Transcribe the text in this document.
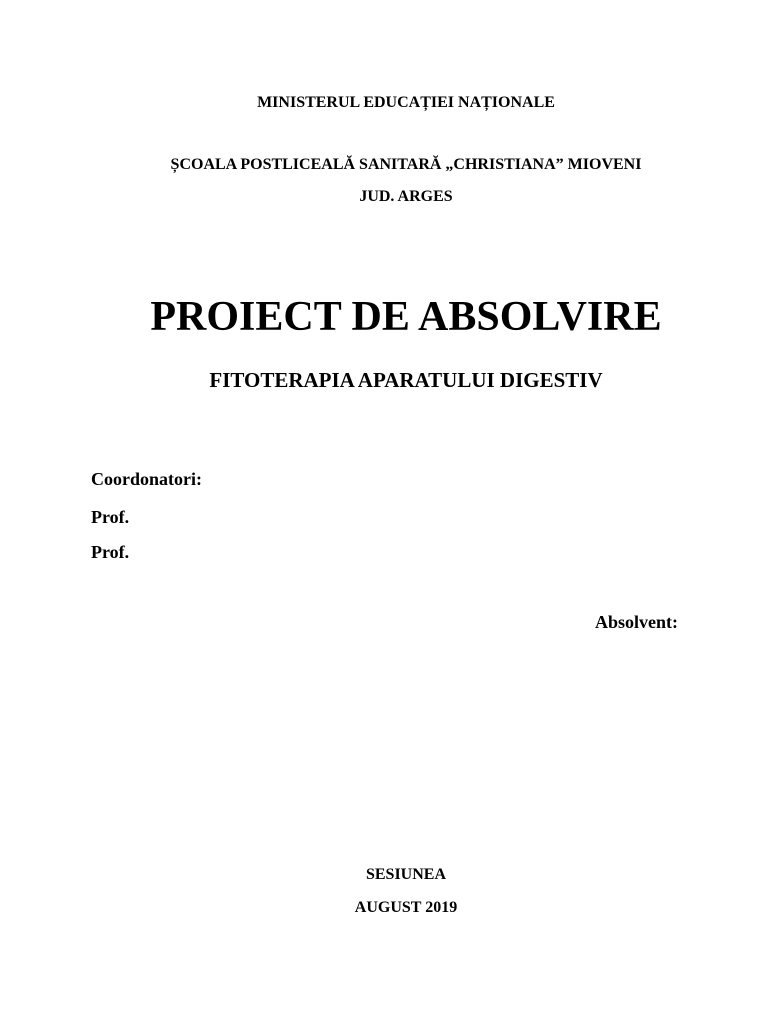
MINISTERUL EDUCAȚIEI NAȚIONALE
ȘCOALA POSTLICEALĂ SANITARĂ „CHRISTIANA” MIOVENI
JUD. ARGES
PROIECT DE ABSOLVIRE
FITOTERAPIA APARATULUI DIGESTIV
Coordonatori:
Prof.
Prof.
Absolvent:
SESIUNEA
AUGUST 2019
